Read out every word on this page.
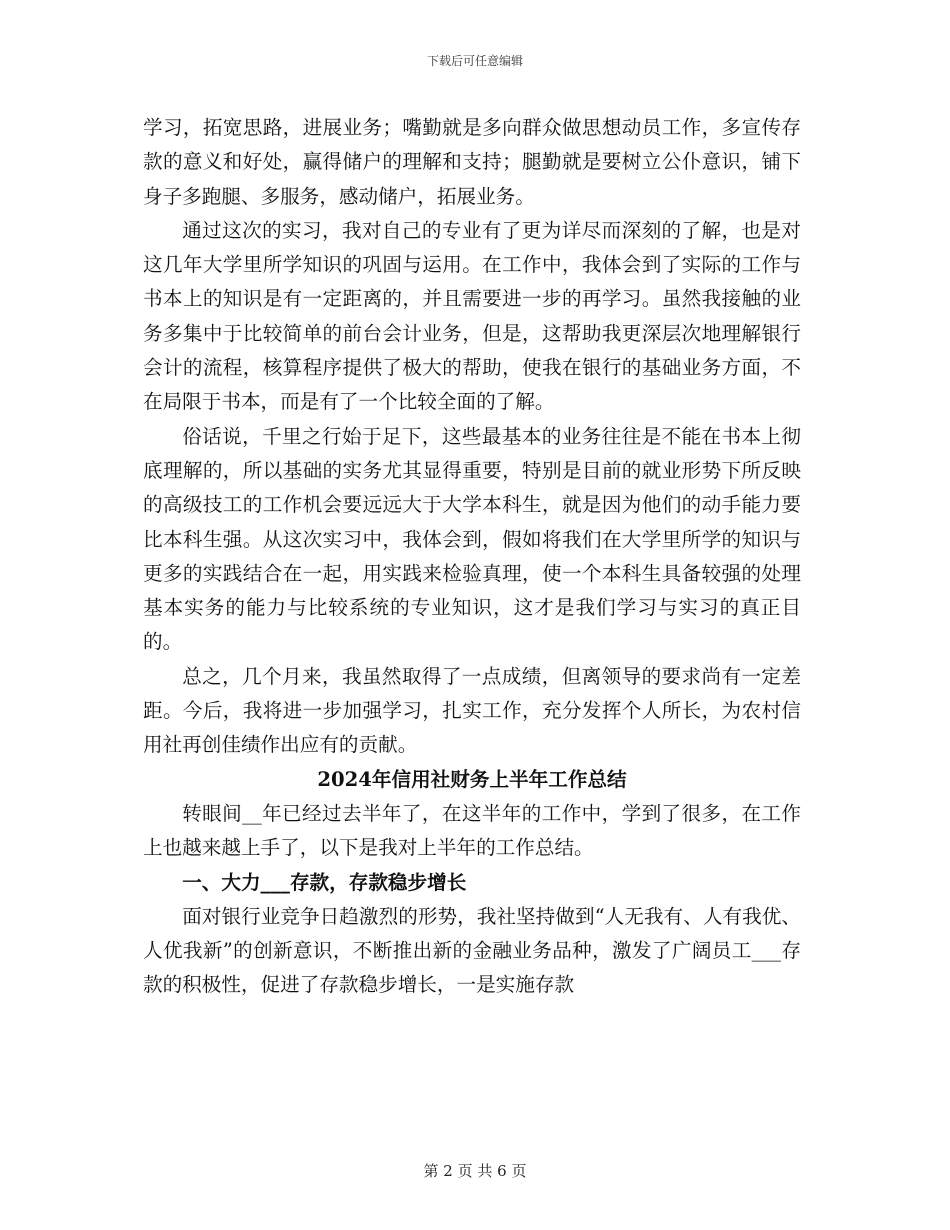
下载后可任意编辑

学习，拓宽思路，进展业务；嘴勤就是多向群众做思想动员工作，多宣传存款的意义和好处，赢得储户的理解和支持；腿勤就是要树立公仆意识，铺下身子多跑腿、多服务，感动储户，拓展业务。

通过这次的实习，我对自己的专业有了更为详尽而深刻的了解，也是对这几年大学里所学知识的巩固与运用。在工作中，我体会到了实际的工作与书本上的知识是有一定距离的，并且需要进一步的再学习。虽然我接触的业务多集中于比较简单的前台会计业务，但是，这帮助我更深层次地理解银行会计的流程，核算程序提供了极大的帮助，使我在银行的基础业务方面，不在局限于书本，而是有了一个比较全面的了解。

俗话说，千里之行始于足下，这些最基本的业务往往是不能在书本上彻底理解的，所以基础的实务尤其显得重要，特别是目前的就业形势下所反映的高级技工的工作机会要远远大于大学本科生，就是因为他们的动手能力要比本科生强。从这次实习中，我体会到，假如将我们在大学里所学的知识与更多的实践结合在一起，用实践来检验真理，使一个本科生具备较强的处理基本实务的能力与比较系统的专业知识，这才是我们学习与实习的真正目的。

总之，几个月来，我虽然取得了一点成绩，但离领导的要求尚有一定差距。今后，我将进一步加强学习，扎实工作，充分发挥个人所长，为农村信用社再创佳绩作出应有的贡献。

2024年信用社财务上半年工作总结

转眼间__年已经过去半年了，在这半年的工作中，学到了很多，在工作上也越来越上手了，以下是我对上半年的工作总结。

一、大力___存款，存款稳步增长

面对银行业竞争日趋激烈的形势，我社坚持做到“人无我有、人有我优、人优我新”的创新意识，不断推出新的金融业务品种，激发了广阔员工___存款的积极性，促进了存款稳步增长，一是实施存款

第 2 页 共 6 页
